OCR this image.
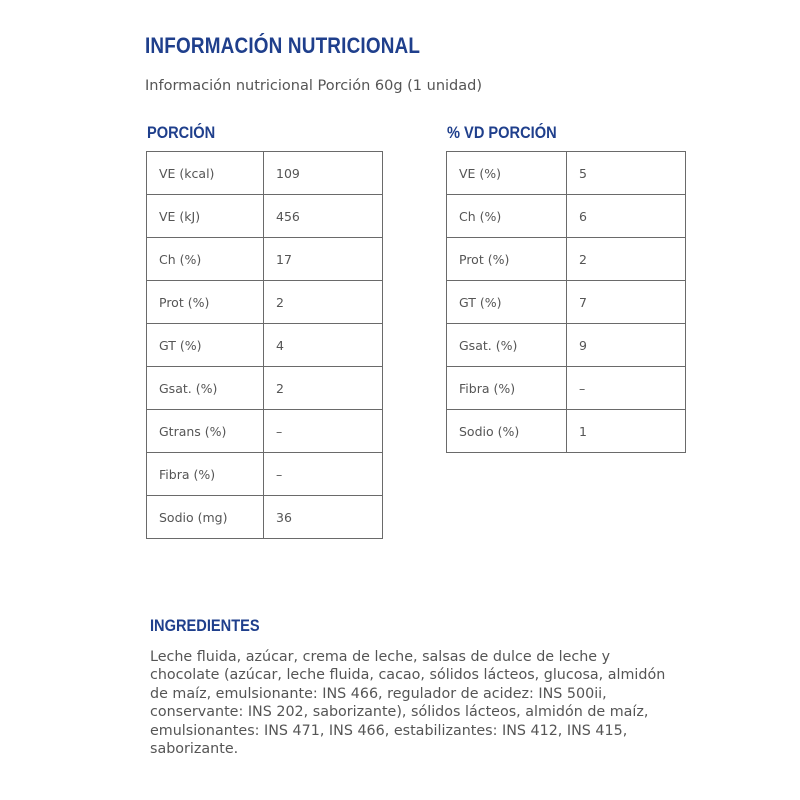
INFORMACIÓN NUTRICIONAL
Información nutricional Porción 60g (1 unidad)
PORCIÓN	% VD PORCIÓN
VE (kcal)	109
VE (kJ)	456
Ch (%)	17
Prot (%)	2
GT (%)	4
Gsat. (%)	2
Gtrans (%)	–
Fibra (%)	–
Sodio (mg)	36
VE (%)	5
Ch (%)	6
Prot (%)	2
GT (%)	7
Gsat. (%)	9
Fibra (%)	–
Sodio (%)	1
INGREDIENTES

Leche fluida, azúcar, crema de leche, salsas de dulce de leche y chocolate (azúcar, leche fluida, cacao, sólidos lácteos, glucosa, almidón de maíz, emulsionante: INS 466, regulador de acidez: INS 500ii, conservante: INS 202, saborizante), sólidos lácteos, almidón de maíz, emulsionantes: INS 471, INS 466, estabilizantes: INS 412, INS 415, saborizante.
